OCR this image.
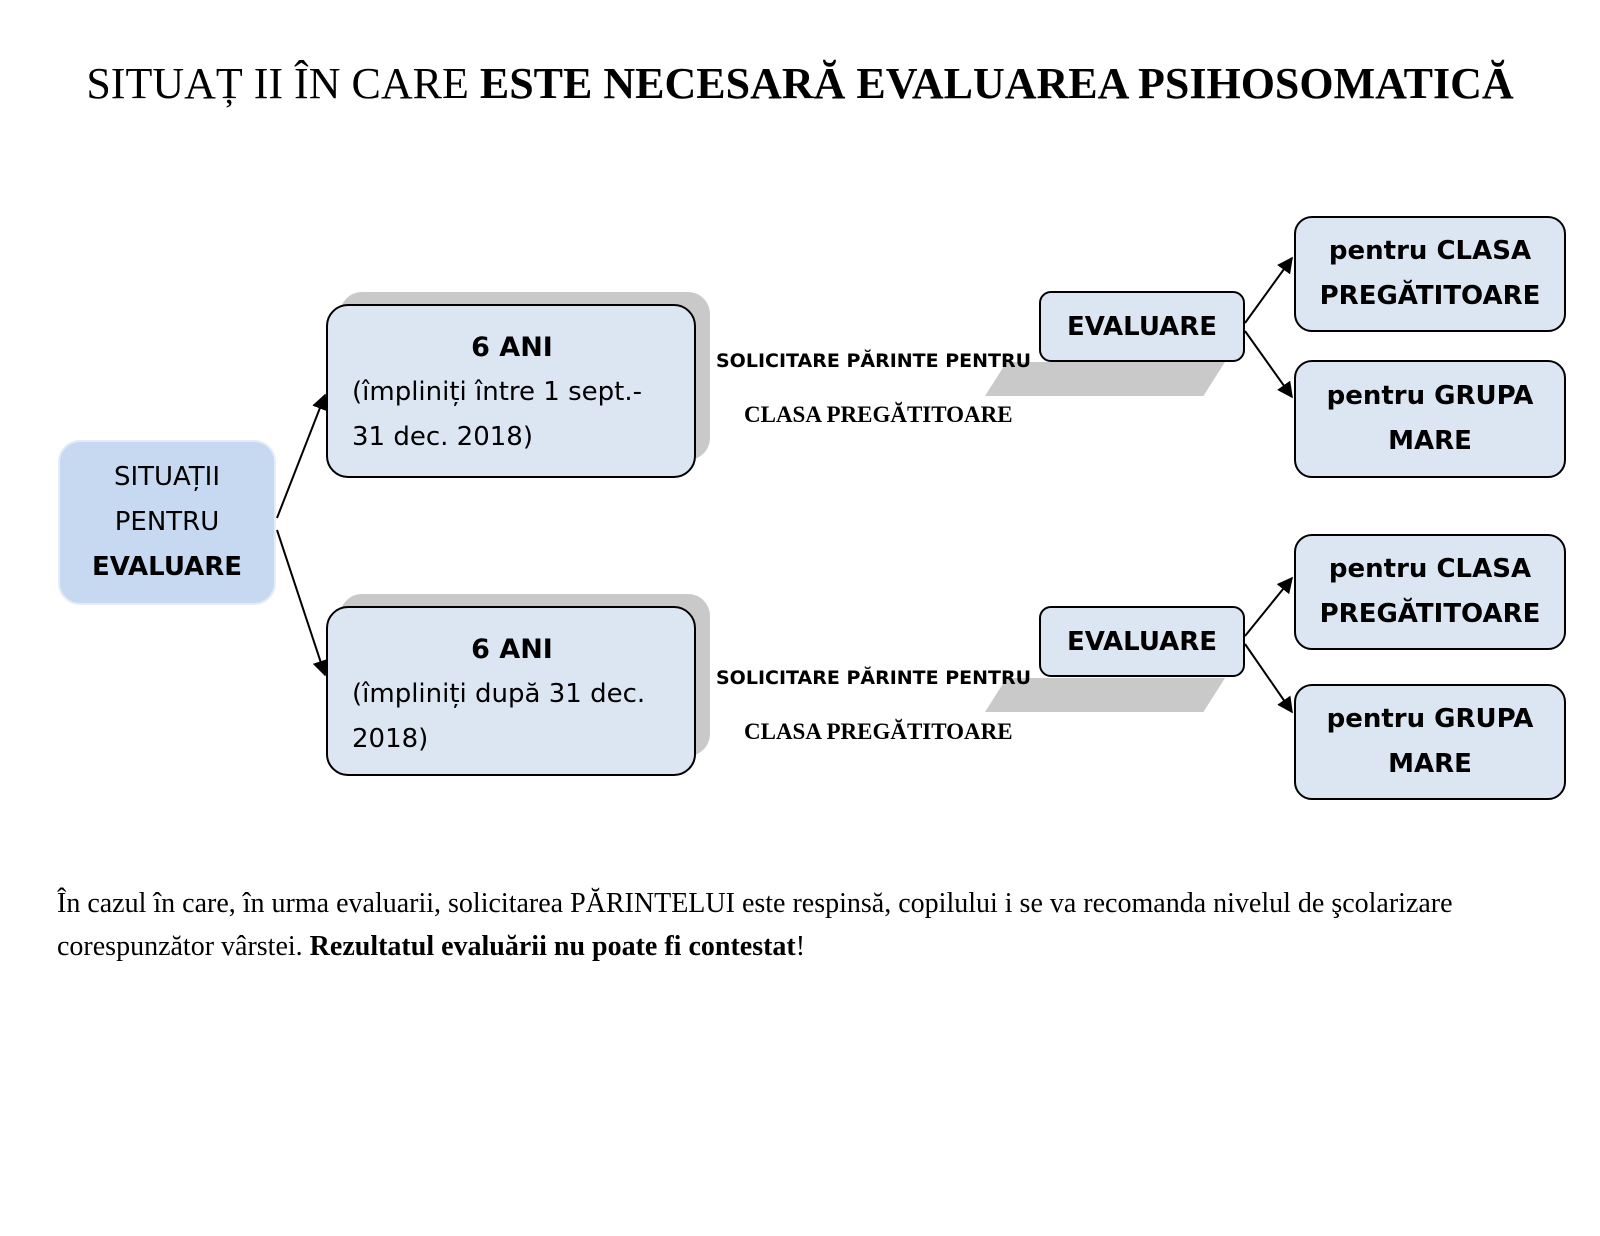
SITUAȚ II ÎN CARE ESTE NECESARĂ EVALUAREA PSIHOSOMATICĂ
SITUAȚII
PENTRU
EVALUARE
6 ANI
(împliniți între 1 sept.-
31 dec. 2018)
SOLICITARE PĂRINTE PENTRU
CLASA PREGĂTITOARE
EVALUARE
pentru CLASA
PREGĂTITOARE
pentru GRUPA
MARE
6 ANI
(împliniți după 31 dec.
2018)
SOLICITARE PĂRINTE PENTRU
CLASA PREGĂTITOARE
EVALUARE
pentru CLASA
PREGĂTITOARE
pentru GRUPA
MARE
În cazul în care, în urma evaluarii, solicitarea PĂRINTELUI este respinsă, copilului i se va recomanda nivelul de şcolarizare corespunzător vârstei. Rezultatul evaluării nu poate fi contestat!
